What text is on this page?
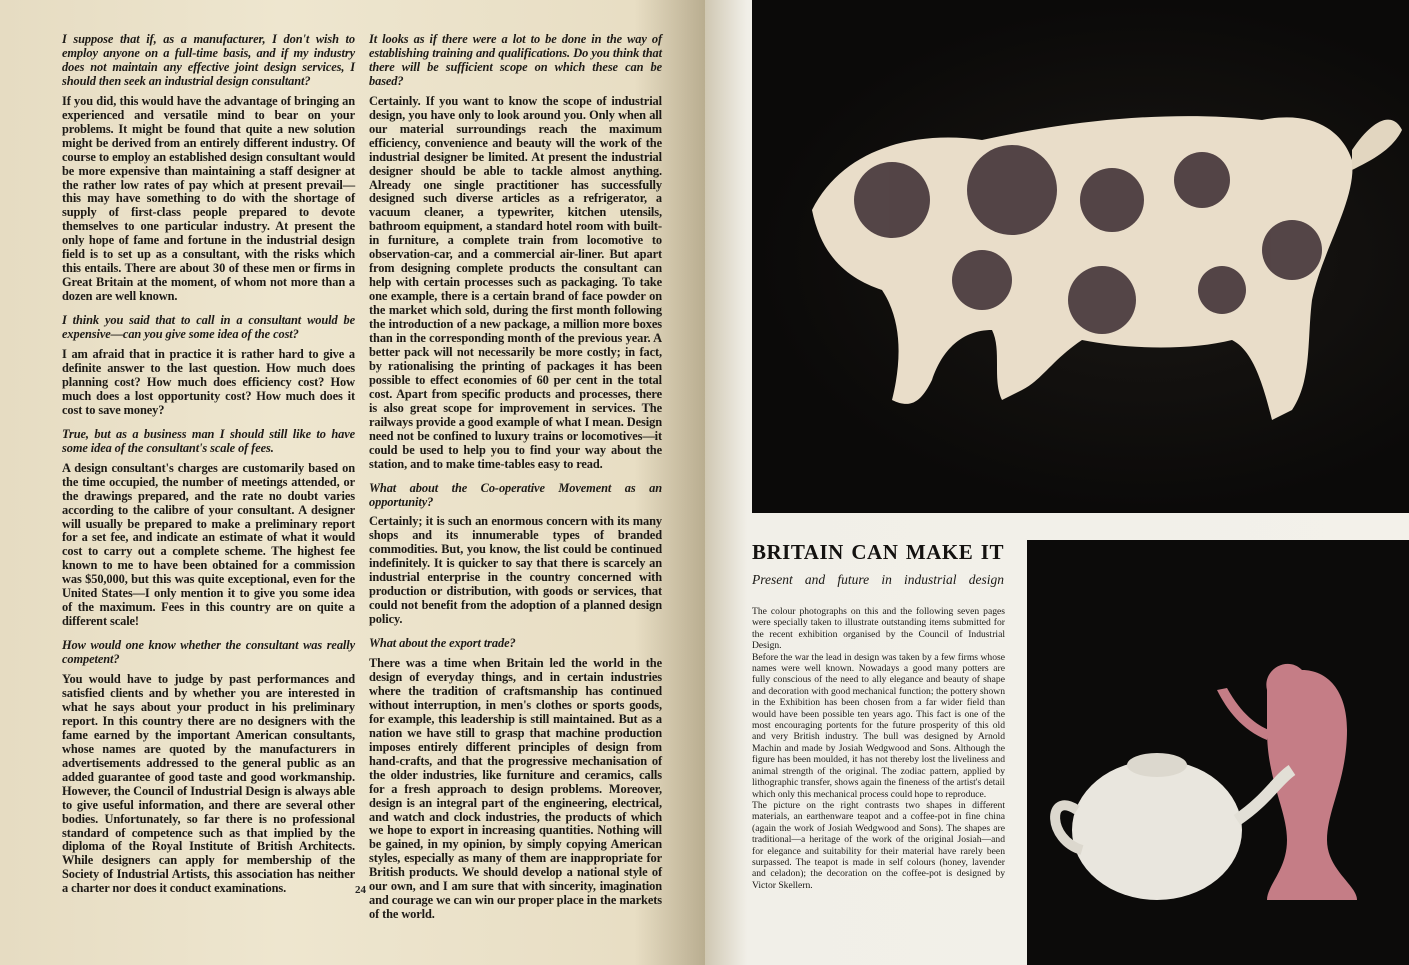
I suppose that if, as a manufacturer, I don't wish to employ anyone on a full-time basis, and if my industry does not maintain any effective joint design services, I should then seek an industrial design consultant?

If you did, this would have the advantage of bringing an experienced and versatile mind to bear on your problems. It might be found that quite a new solution might be derived from an entirely different industry. Of course to employ an established design consultant would be more expensive than maintaining a staff designer at the rather low rates of pay which at present prevail— this may have something to do with the shortage of supply of first-class people prepared to devote themselves to one particular industry. At present the only hope of fame and fortune in the industrial design field is to set up as a consultant, with the risks which this entails. There are about 30 of these men or firms in Great Britain at the moment, of whom not more than a dozen are well known.

I think you said that to call in a consultant would be expensive—can you give some idea of the cost?

I am afraid that in practice it is rather hard to give a definite answer to the last question. How much does planning cost? How much does efficiency cost? How much does a lost opportunity cost? How much does it cost to save money?

True, but as a business man I should still like to have some idea of the consultant's scale of fees.

A design consultant's charges are customarily based on the time occupied, the number of meetings attended, or the drawings prepared, and the rate no doubt varies according to the calibre of your consultant. A designer will usually be prepared to make a preliminary report for a set fee, and indicate an estimate of what it would cost to carry out a complete scheme. The highest fee known to me to have been obtained for a commission was $50,000, but this was quite exceptional, even for the United States—I only mention it to give you some idea of the maximum. Fees in this country are on quite a different scale!

How would one know whether the consultant was really competent?

You would have to judge by past performances and satisfied clients and by whether you are interested in what he says about your product in his preliminary report. In this country there are no designers with the fame earned by the important American consultants, whose names are quoted by the manufacturers in advertisements addressed to the general public as an added guarantee of good taste and good workmanship. However, the Council of Industrial Design is always able to give useful information, and there are several other bodies. Unfortunately, so far there is no professional standard of competence such as that implied by the diploma of the Royal Institute of British Architects. While designers can apply for membership of the Society of Industrial Artists, this association has neither a charter nor does it conduct examinations.

It looks as if there were a lot to be done in the way of establishing training and qualifications. Do you think that there will be sufficient scope on which these can be based?

Certainly. If you want to know the scope of industrial design, you have only to look around you. Only when all our material surroundings reach the maximum efficiency, convenience and beauty will the work of the industrial designer be limited. At present the industrial designer should be able to tackle almost anything. Already one single practitioner has successfully designed such diverse articles as a refrigerator, a vacuum cleaner, a typewriter, kitchen utensils, bathroom equipment, a standard hotel room with built-in furniture, a complete train from locomotive to observation-car, and a commercial air-liner. But apart from designing complete products the consultant can help with certain processes such as packaging. To take one example, there is a certain brand of face powder on the market which sold, during the first month following the introduction of a new package, a million more boxes than in the corresponding month of the previous year. A better pack will not necessarily be more costly; in fact, by rationalising the printing of packages it has been possible to effect economies of 60 per cent in the total cost. Apart from specific products and processes, there is also great scope for improvement in services. The railways provide a good example of what I mean. Design need not be confined to luxury trains or locomotives—it could be used to help you to find your way about the station, and to make time-tables easy to read.

What about the Co-operative Movement as an opportunity?

Certainly; it is such an enormous concern with its many shops and its innumerable types of branded commodities. But, you know, the list could be continued indefinitely. It is quicker to say that there is scarcely an industrial enterprise in the country concerned with production or distribution, with goods or services, that could not benefit from the adoption of a planned design policy.

What about the export trade?

There was a time when Britain led the world in the design of everyday things, and in certain industries where the tradition of craftsmanship has continued without interruption, in men's clothes or sports goods, for example, this leadership is still maintained. But as a nation we have still to grasp that machine production imposes entirely different principles of design from hand-crafts, and that the progressive mechanisation of the older industries, like furniture and ceramics, calls for a fresh approach to design problems. Moreover, design is an integral part of the engineering, electrical, and watch and clock industries, the products of which we hope to export in increasing quantities. Nothing will be gained, in my opinion, by simply copying American styles, especially as many of them are inappropriate for British products. We should develop a national style of our own, and I am sure that with sincerity, imagination and courage we can win our proper place in the markets of the world.

24
BRITAIN CAN MAKE IT
Present and future in industrial design

The colour photographs on this and the following seven pages were specially taken to illustrate outstanding items submitted for the recent exhibition organised by the Council of Industrial Design.

Before the war the lead in design was taken by a few firms whose names were well known. Nowadays a good many potters are fully conscious of the need to ally elegance and beauty of shape and decoration with good mechanical function; the pottery shown in the Exhibition has been chosen from a far wider field than would have been possible ten years ago. This fact is one of the most encouraging portents for the future prosperity of this old and very British industry. The bull was designed by Arnold Machin and made by Josiah Wedgwood and Sons. Although the figure has been moulded, it has not thereby lost the liveliness and animal strength of the original. The zodiac pattern, applied by lithographic transfer, shows again the fineness of the artist's detail which only this mechanical process could hope to reproduce.

The picture on the right contrasts two shapes in different materials, an earthenware teapot and a coffee-pot in fine china (again the work of Josiah Wedgwood and Sons). The shapes are traditional—a heritage of the work of the original Josiah—and for elegance and suitability for their material have rarely been surpassed. The teapot is made in self colours (honey, lavender and celadon); the decoration on the coffee-pot is designed by Victor Skellern.
